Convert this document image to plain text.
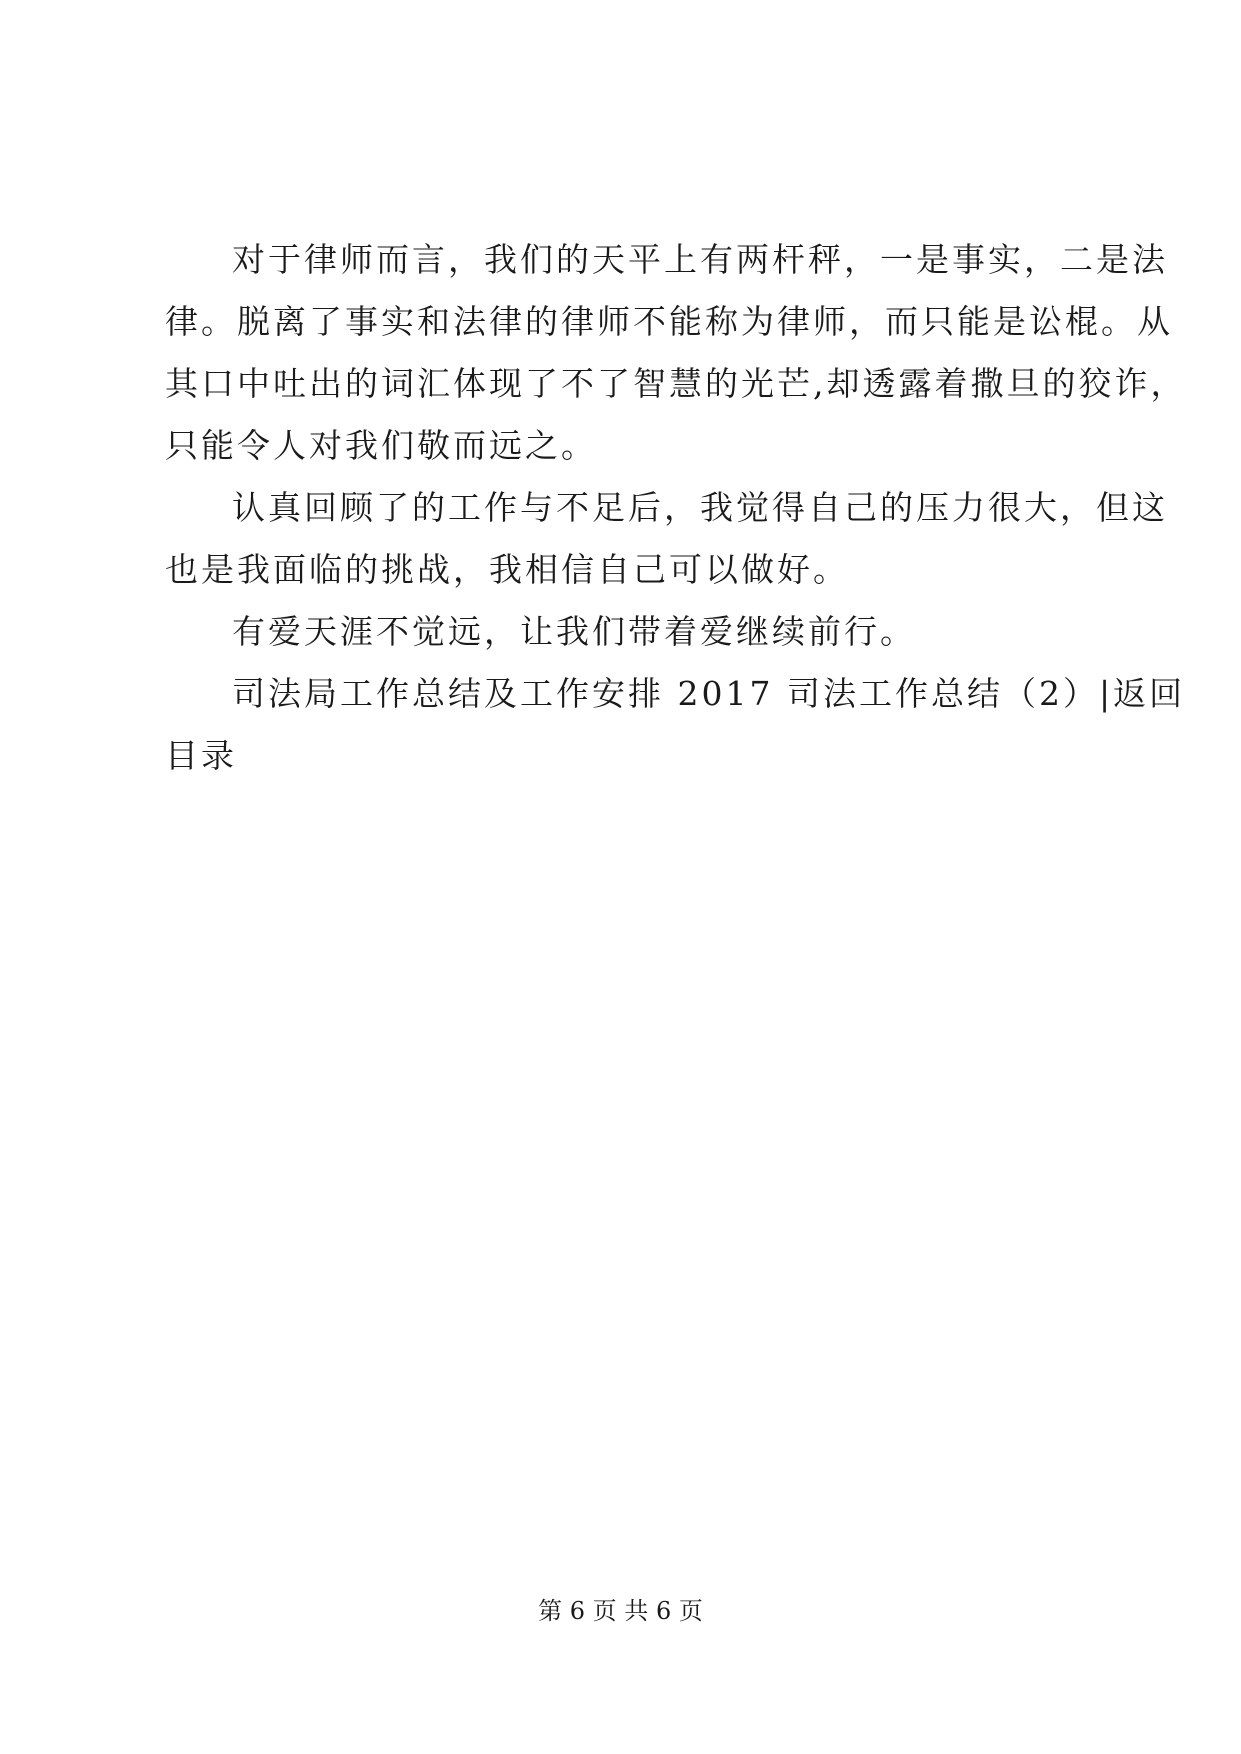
对于律师而言，我们的天平上有两杆秤，一是事实，二是法
律。脱离了事实和法律的律师不能称为律师，而只能是讼棍。从
其口中吐出的词汇体现了不了智慧的光芒,却透露着撒旦的狡诈，
只能令人对我们敬而远之。
认真回顾了的工作与不足后，我觉得自己的压力很大，但这
也是我面临的挑战，我相信自己可以做好。
有爱天涯不觉远，让我们带着爱继续前行。
司法局工作总结及工作安排 2017 司法工作总结（2）|返回
目录
第 6 页 共 6 页
